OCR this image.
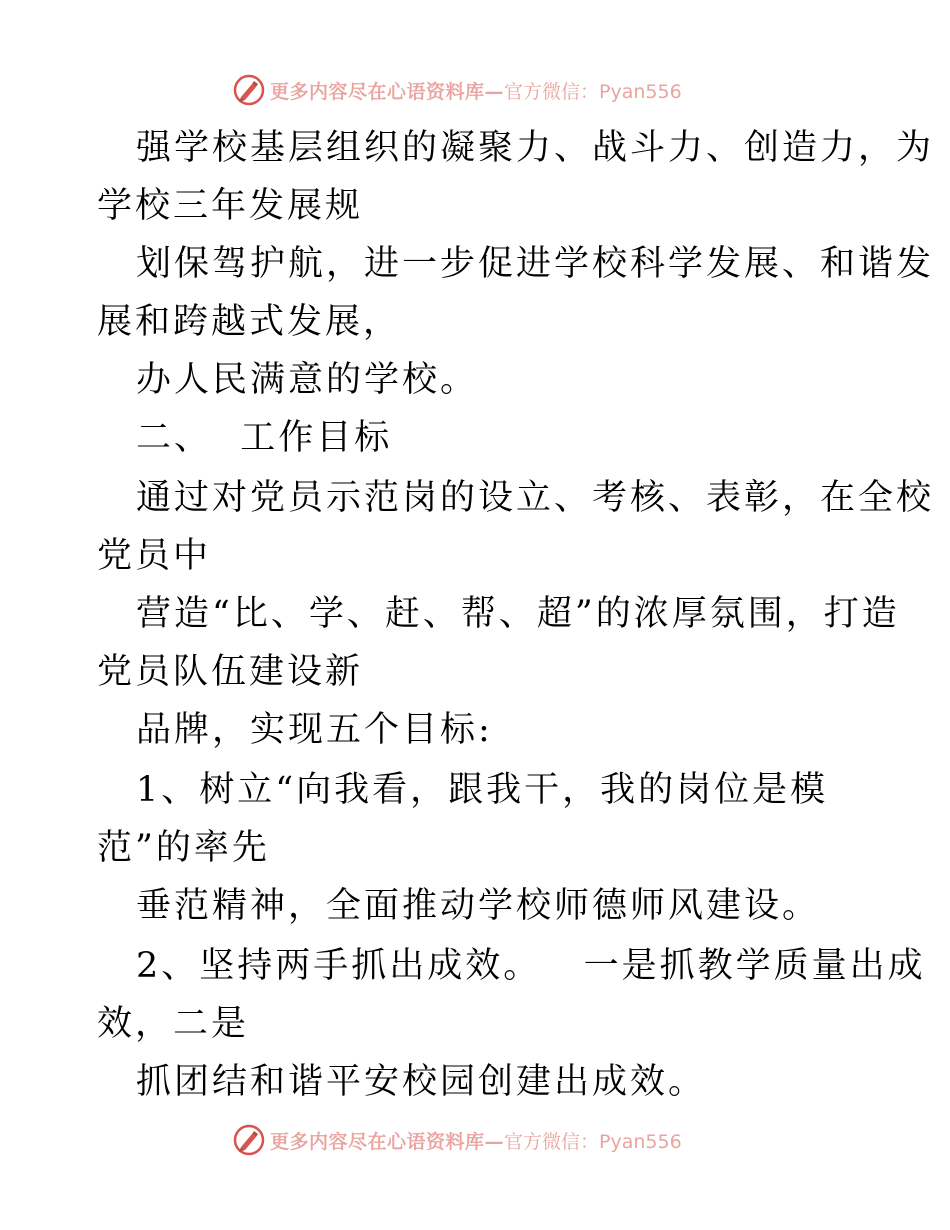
更多内容尽在心语资料库— 官方微信：Pyan556
强学校基层组织的凝聚力、战斗力、创造力，为
学校三年发展规
划保驾护航，进一步促进学校科学发展、和谐发
展和跨越式发展，
办人民满意的学校。
二、  工作目标
通过对党员示范岗的设立、考核、表彰，在全校
党员中
营造“比、学、赶、帮、超”的浓厚氛围，打造
党员队伍建设新
品牌，实现五个目标:
1、树立“向我看，跟我干，我的岗位是模
范”的率先
垂范精神，全面推动学校师德师风建设。
2、坚持两手抓出成效。   一是抓教学质量出成
效，二是
抓团结和谐平安校园创建出成效。
更多内容尽在心语资料库— 官方微信：Pyan556
